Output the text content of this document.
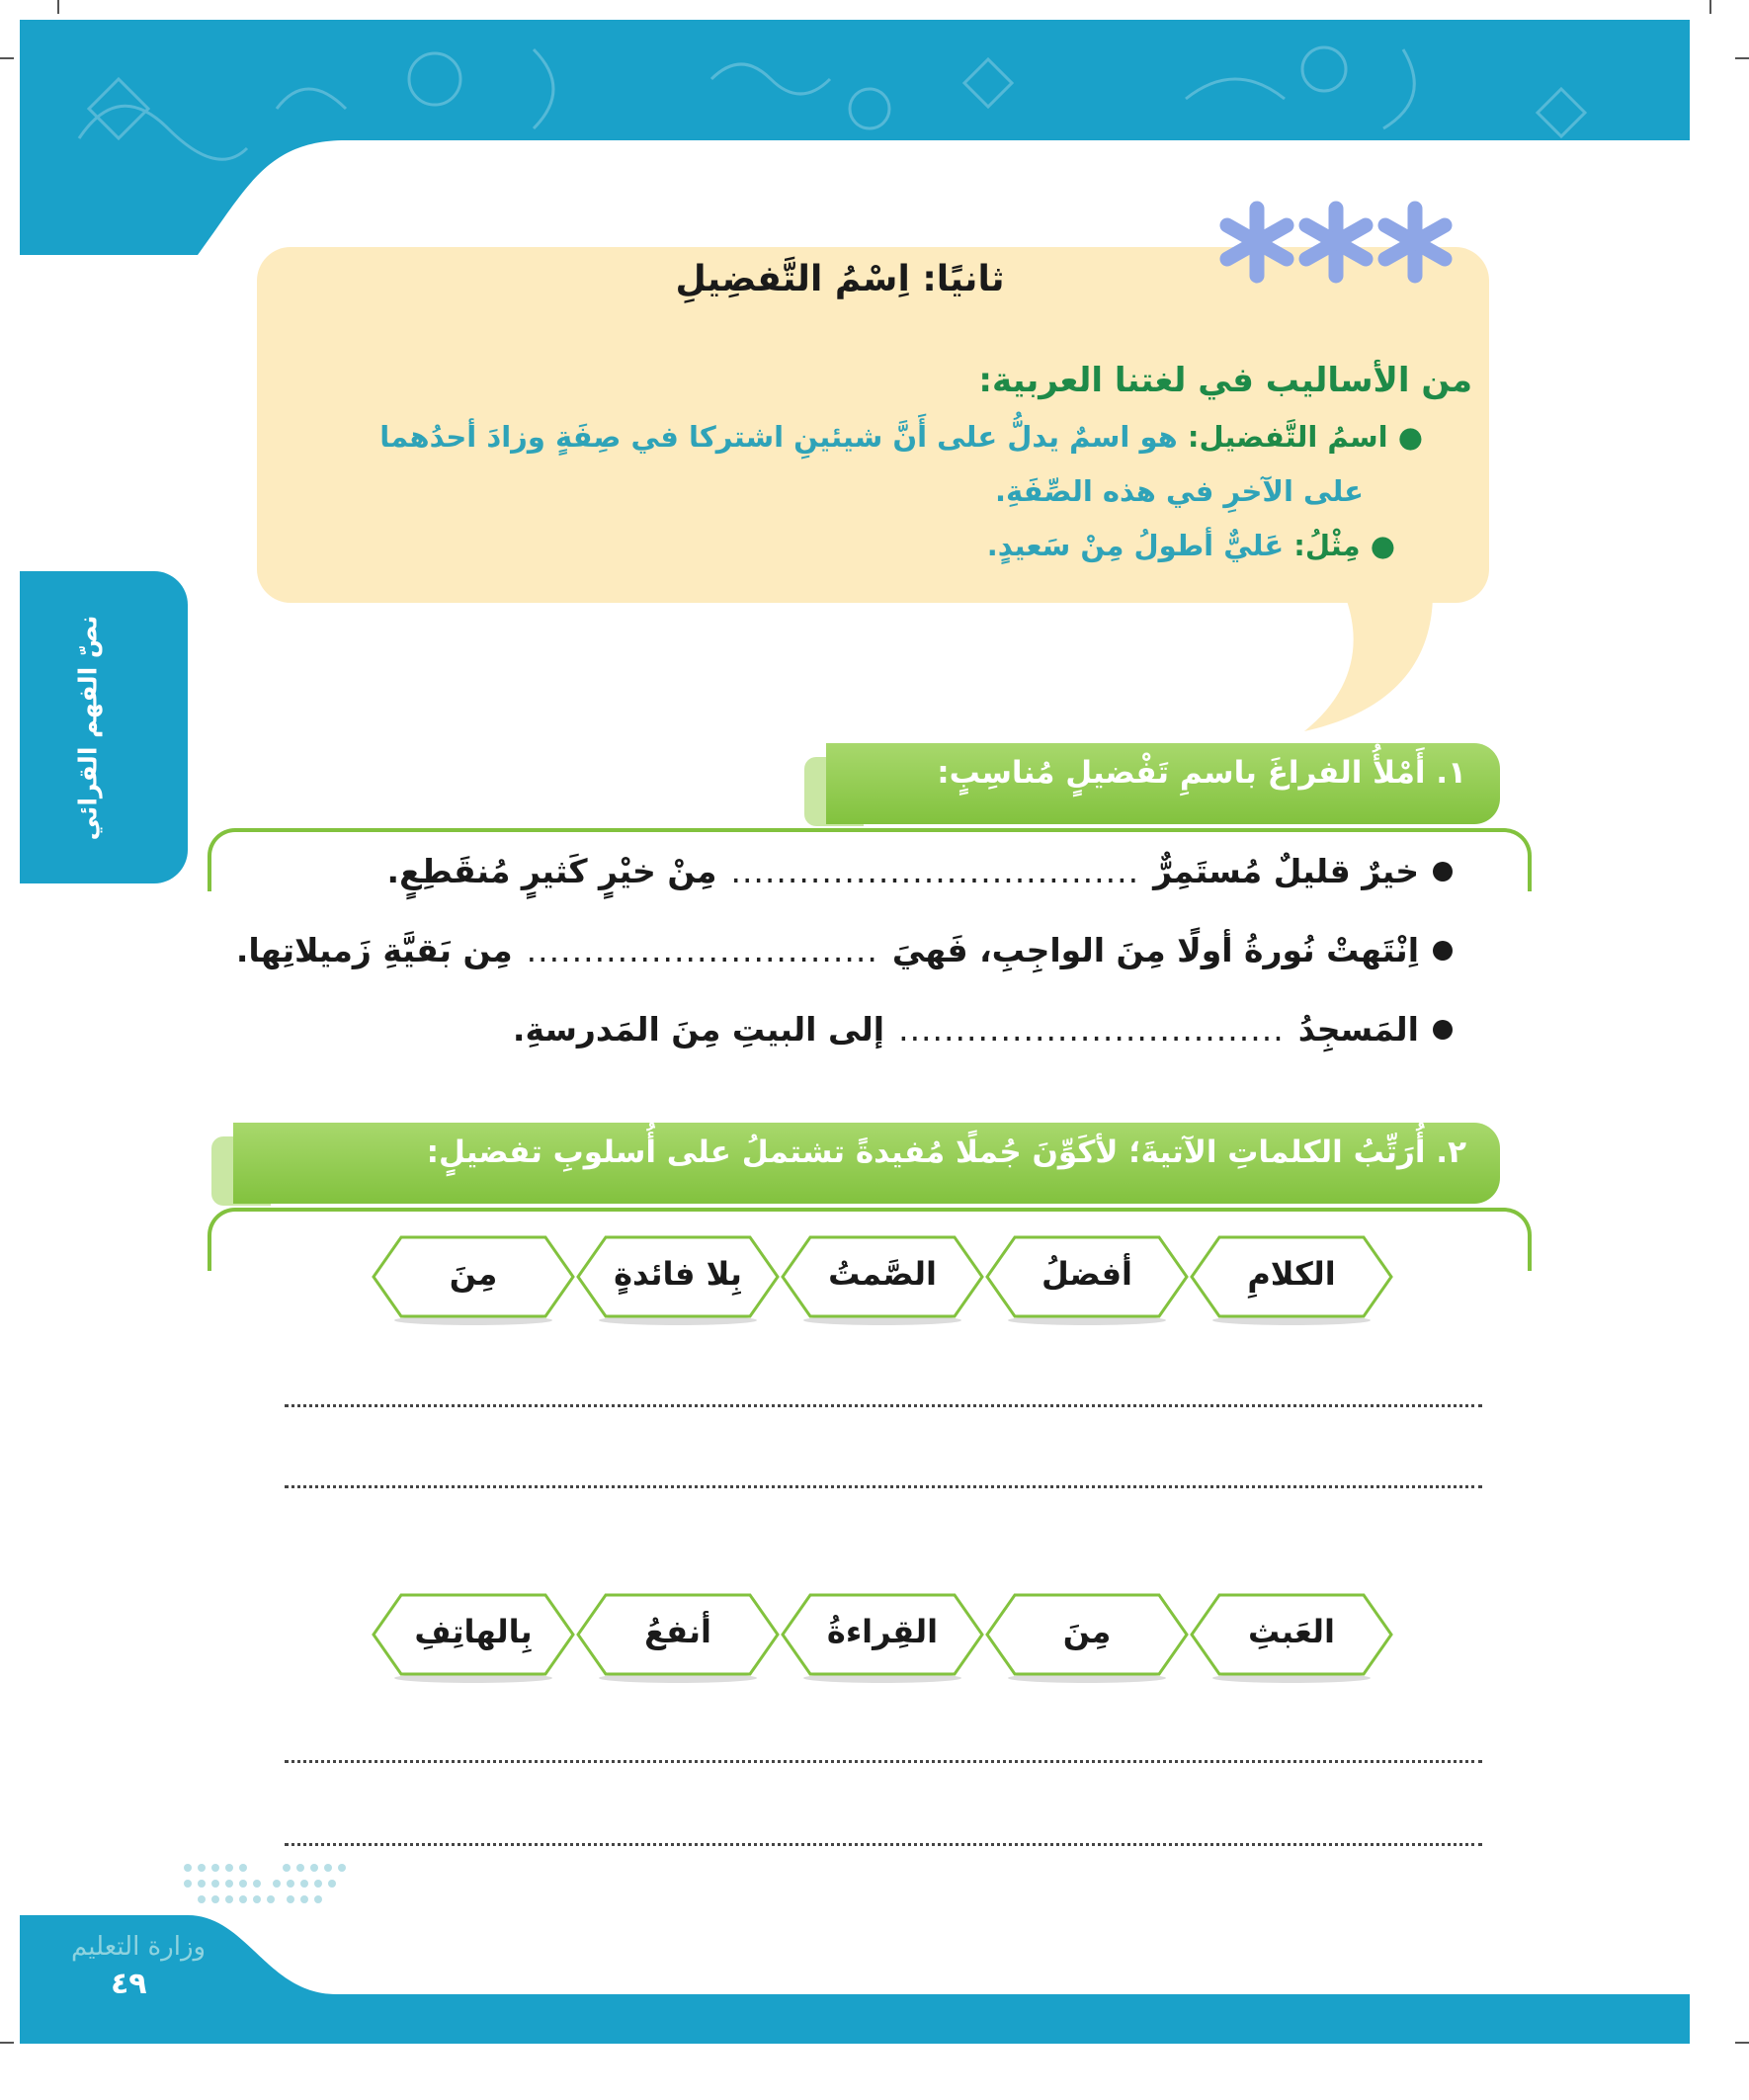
نصّ الفهم القرائي
ثانيًا: اِسْمُ التَّفضِيلِ
من الأساليب في لغتنا العربية:
● اسمُ التَّفضيل: هو اسمٌ يدلُّ على أَنَّ شيئينِ اشتركا في صِفَةٍ وزادَ أحدُهما
على الآخرِ في هذه الصِّفَةِ.
● مِثْلُ: عَليٌّ أطولُ مِنْ سَعيدٍ.
١. أَمْلأُ الفراغَ باسمِ تَفْضيلٍ مُناسِبٍ:
خيرٌ قليلٌ مُستَمِرٌّ
....................................
مِنْ خيْرٍ كَثيرٍ مُنقَطِعٍ.
اِنْتَهتْ نُورةُ أولًا مِنَ الواجِبِ، فَهيَ
...............................
مِن بَقيَّةِ زَميلاتِها.
المَسجِدُ
..................................
إلى البيتِ مِنَ المَدرسةِ.
٢. أُرَتِّبُ الكلماتِ الآتيةَ؛ لأكَوِّنَ جُملًا مُفيدةً تشتملُ على أُسلوبِ تفضيلٍ:
الكلامِ
أفضلُ
الصَّمتُ
بِلا فائدةٍ
مِنَ
العَبثِ
مِنَ
القِراءةُ
أنفعُ
بِالهاتِفِ
وزارة التعليم
٤٩
